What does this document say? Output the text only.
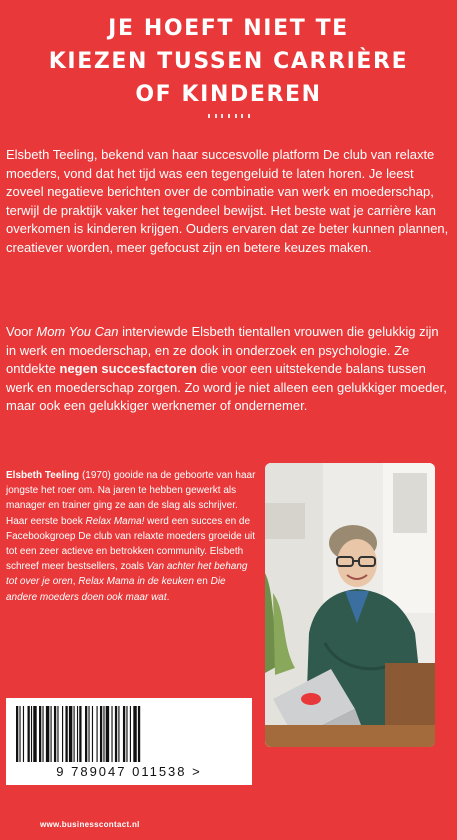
JE HOEFT NIET TE
KIEZEN TUSSEN CARRIÈRE
OF KINDEREN
Elsbeth Teeling, bekend van haar succesvolle platform De club van relaxte moeders, vond dat het tijd was een tegengeluid te laten horen. Je leest zoveel negatieve berichten over de combinatie van werk en moederschap, terwijl de praktijk vaker het tegendeel bewijst. Het beste wat je carrière kan overkomen is kinderen krijgen. Ouders ervaren dat ze beter kunnen plannen, creatiever worden, meer gefocust zijn en betere keuzes maken.
Voor Mom You Can interviewde Elsbeth tientallen vrouwen die gelukkig zijn in werk en moederschap, en ze dook in onderzoek en psychologie. Ze ontdekte negen succesfactoren die voor een uitstekende balans tussen werk en moederschap zorgen. Zo word je niet alleen een gelukkiger moeder, maar ook een gelukkiger werknemer of ondernemer.
Elsbeth Teeling (1970) gooide na de geboorte van haar jongste het roer om. Na jaren te hebben gewerkt als manager en trainer ging ze aan de slag als schrijver. Haar eerste boek Relax Mama! werd een succes en de Facebookgroep De club van relaxte moeders groeide uit tot een zeer actieve en betrokken community. Elsbeth schreef meer bestsellers, zoals Van achter het behang tot over je oren, Relax Mama in de keuken en Die andere moeders doen ook maar wat.
9 789047 011538 >
www.businesscontact.nl
